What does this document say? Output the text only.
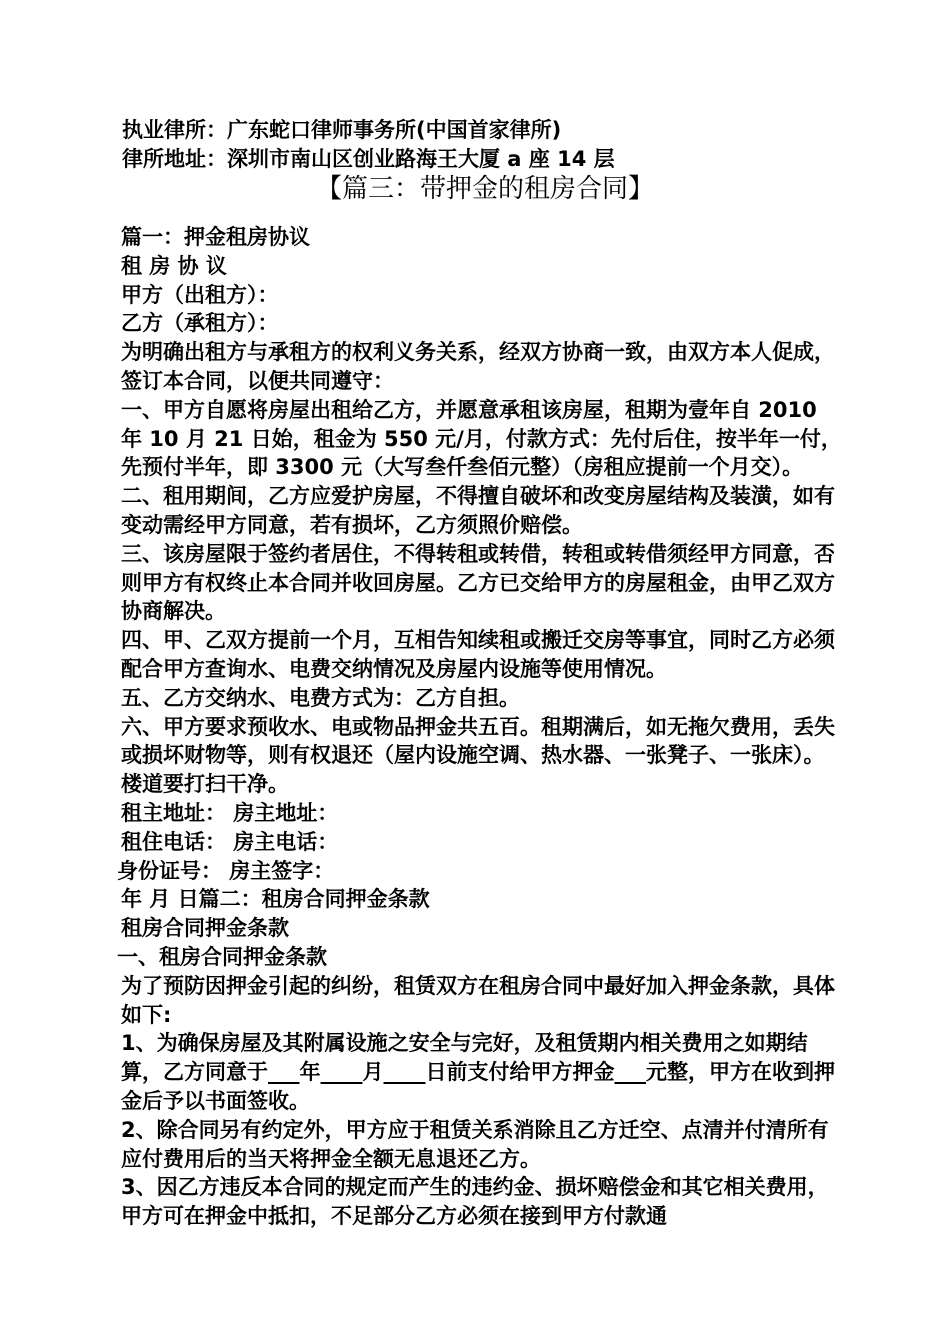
执业律所：广东蛇口律师事务所(中国首家律所)
律所地址：深圳市南山区创业路海王大厦 a 座 14 层
【篇三：带押金的租房合同】

篇一：押金租房协议

租 房 协 议

甲方（出租方）：

乙方（承租方）：

为明确出租方与承租方的权利义务关系，经双方协商一致，由双方本人促成，签订本合同，以便共同遵守：

一、甲方自愿将房屋出租给乙方，并愿意承租该房屋，租期为壹年自 2010 年 10 月 21 日始，租金为 550 元/月，付款方式：先付后住，按半年一付，先预付半年，即 3300 元（大写叁仟叁佰元整）（房租应提前一个月交）。

二、租用期间，乙方应爱护房屋，不得擅自破坏和改变房屋结构及装潢，如有变动需经甲方同意，若有损坏，乙方须照价赔偿。

三、该房屋限于签约者居住，不得转租或转借，转租或转借须经甲方同意，否则甲方有权终止本合同并收回房屋。乙方已交给甲方的房屋租金，由甲乙双方协商解决。

四、甲、乙双方提前一个月，互相告知续租或搬迁交房等事宜，同时乙方必须配合甲方查询水、电费交纳情况及房屋内设施等使用情况。

五、乙方交纳水、电费方式为：乙方自担。

六、甲方要求预收水、电或物品押金共五百。租期满后，如无拖欠费用，丢失或损坏财物等，则有权退还（屋内设施空调、热水器、一张凳子、一张床）。楼道要打扫干净。

租主地址： 房主地址：

租住电话： 房主电话：

身份证号： 房主签字：

年 月 日篇二：租房合同押金条款

租房合同押金条款

一、租房合同押金条款

为了预防因押金引起的纠纷，租赁双方在租房合同中最好加入押金条款，具体如下:

1、为确保房屋及其附属设施之安全与完好，及租赁期内相关费用之如期结算，乙方同意于___年____月____日前支付给甲方押金___元整，甲方在收到押金后予以书面签收。

2、除合同另有约定外，甲方应于租赁关系消除且乙方迁空、点清并付清所有应付费用后的当天将押金全额无息退还乙方。

3、因乙方违反本合同的规定而产生的违约金、损坏赔偿金和其它相关费用，甲方可在押金中抵扣，不足部分乙方必须在接到甲方付款通
